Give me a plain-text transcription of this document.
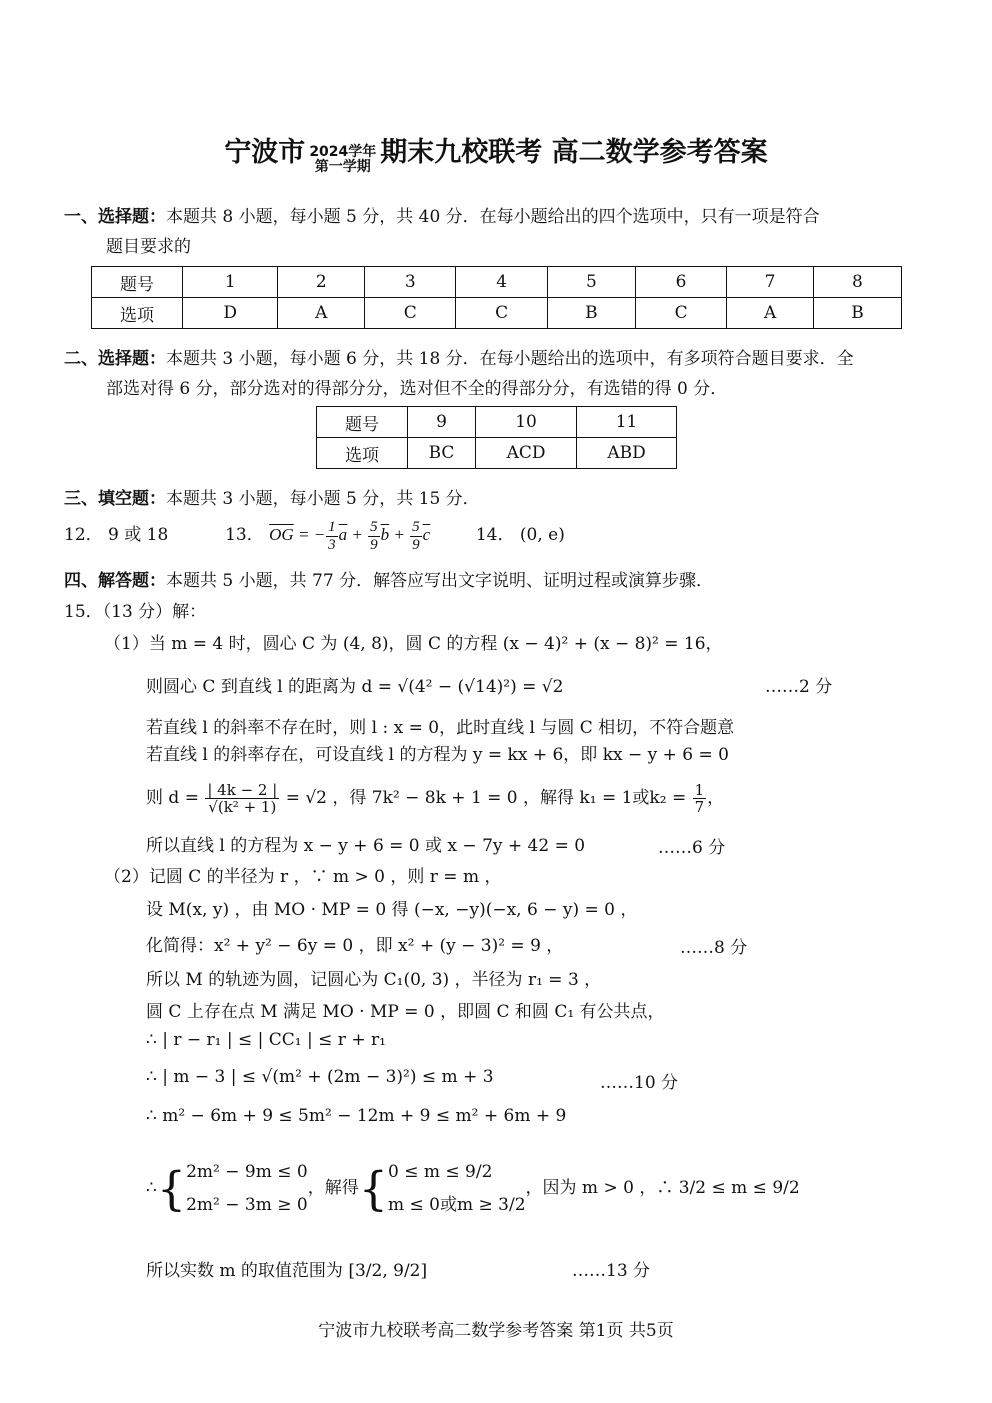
宁波市 2024学年
第一学期 期末九校联考 高二数学参考答案
一、选择题：本题共 8 小题，每小题 5 分，共 40 分．在每小题给出的四个选项中，只有一项是符合
题目要求的
题号	1	2	3	4	5	6	7	8
选项	D	A	C	C	B	C	A	B
二、选择题：本题共 3 小题，每小题 6 分，共 18 分．在每小题给出的选项中，有多项符合题目要求．全
部选对得 6 分，部分选对的得部分分，选对但不全的得部分分，有选错的得 0 分．
题号	9	10	11
选项	BC	ACD	ABD
三、填空题：本题共 3 小题，每小题 5 分，共 15 分．
12． 9 或 18	13． $\overline{OG}$ = − $\frac{1}{3} \overline{a} + \frac{5}{9} \overline{b} + \frac{5}{9} \overline{c}$	14． (0, e)
四、解答题：本题共 5 小题，共 77 分．解答应写出文字说明、证明过程或演算步骤．
15．（13 分）解：
（1）当 m = 4 时，圆心 C 为 (4, 8)，圆 C 的方程 (x − 4)² + (x − 8)² = 16，
则圆心 C 到直线 l 的距离为 d = √(4² − (√14)²) = √2	……2 分
若直线 l 的斜率不存在时，则 l : x = 0，此时直线 l 与圆 C 相切，不符合题意
若直线 l 的斜率存在，可设直线 l 的方程为 y = kx + 6，即 kx − y + 6 = 0
则 $d = \frac{| 4k - 2 |}{\text{√(k² + 1)}} = √2$ ，得 7k² − 8k + 1 = 0 ，解得 k₁ = 1或$k_2 = \frac{1}{7}$ ，
所以直线 l 的方程为 x − y + 6 = 0 或 x − 7y + 42 = 0	……6 分
（2）记圆 C 的半径为 r ，∵ m > 0 ，则 r = m ，
设 M(x, y) ，由 MO · MP = 0 得 (−x, −y)(−x, 6 − y) = 0 ，
化简得：x² + y² − 6y = 0 ，即 x² + (y − 3)² = 9 ，	……8 分
所以 M 的轨迹为圆，记圆心为 C₁(0, 3) ，半径为 r₁ = 3 ，
圆 C 上存在点 M 满足 MO · MP = 0 ，即圆 C 和圆 C₁ 有公共点，
∴ | r − r₁ | ≤ | CC₁ | ≤ r + r₁
∴ | m − 3 | ≤ √(m² + (2m − 3)²) ≤ m + 3	……10 分
∴ m² − 6m + 9 ≤ 5m² − 12m + 9 ≤ m² + 6m + 9
∴{ 2m² − 9m ≤ 0
2m² − 3m ≥ 0
，解得{ 0 ≤ m ≤ 9/2
m ≤ 0或m ≥ 3/2
，因为 m > 0 ，∴ 3/2 ≤ m ≤ 9/2
所以实数 m 的取值范围为 [3/2, 9/2]	……13 分
宁波市九校联考高二数学参考答案 第1页 共5页
